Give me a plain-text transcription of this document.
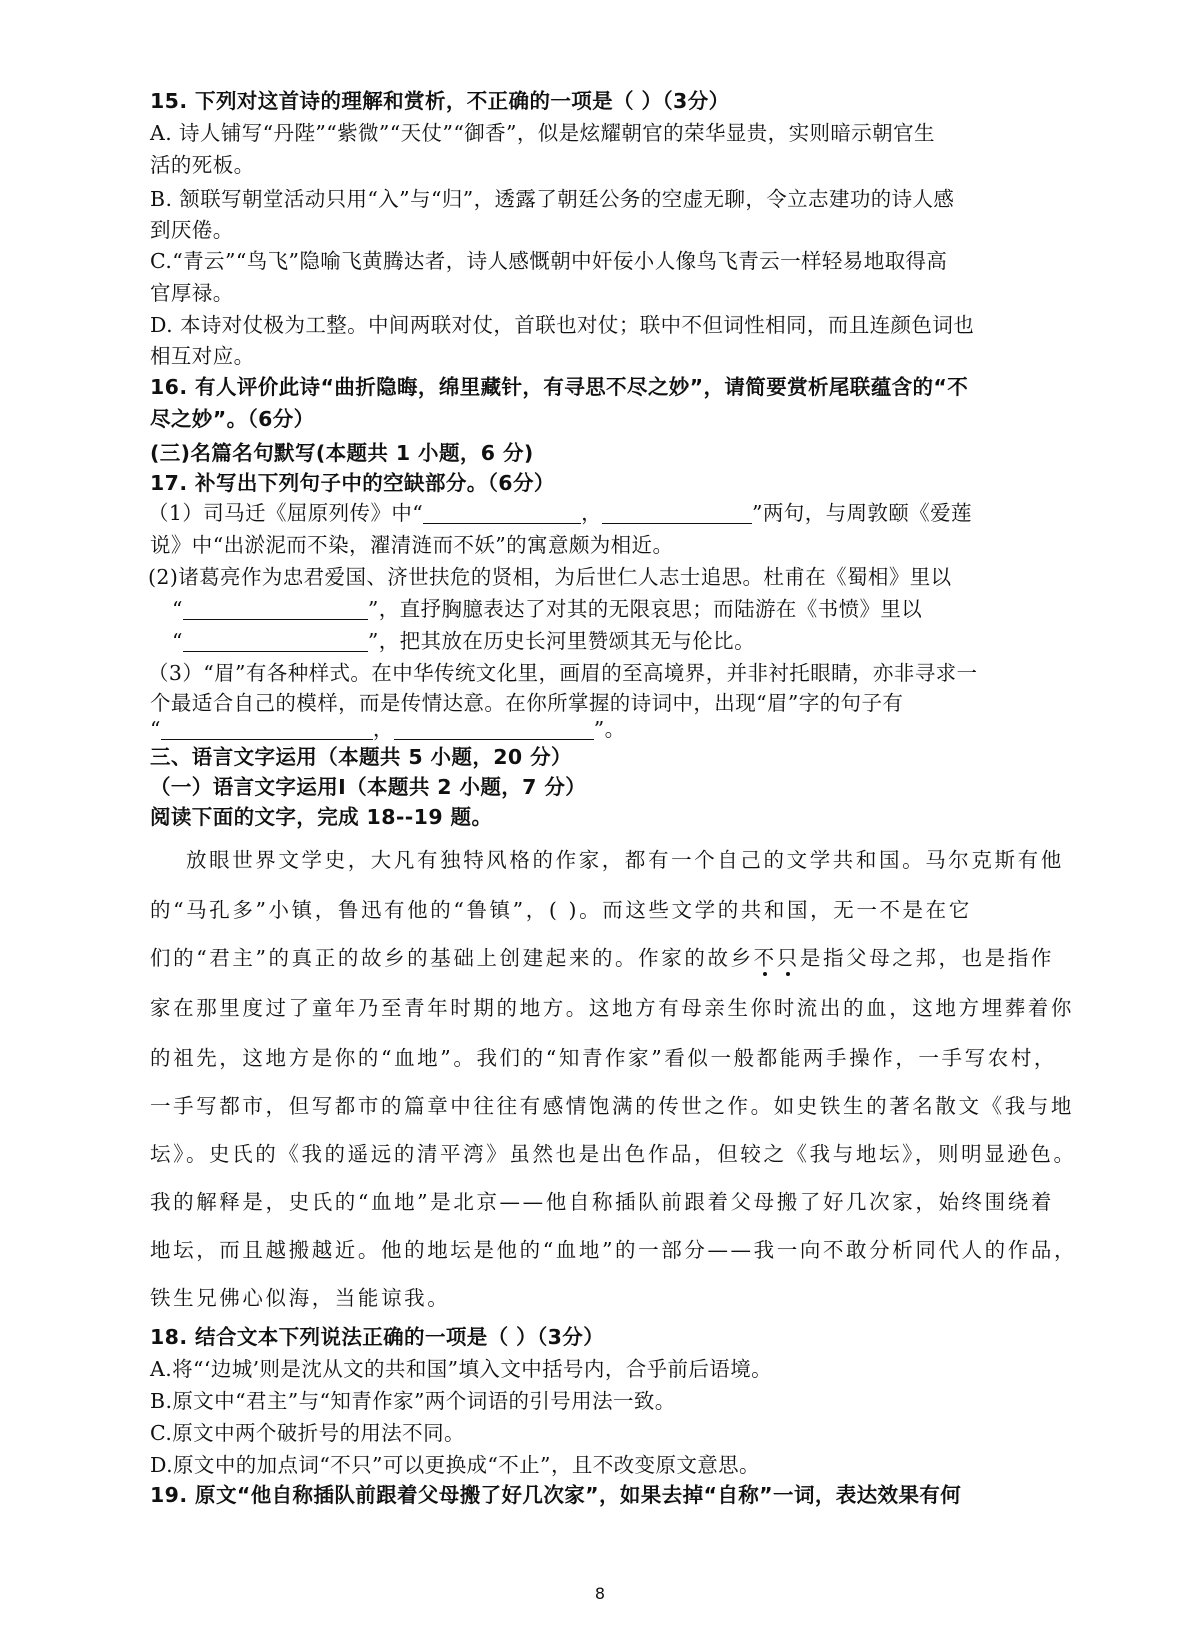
15. 下列对这首诗的理解和赏析，不正确的一项是（ ）（3分）
A. 诗人铺写“丹陛”“紫微”“天仗”“御香”，似是炫耀朝官的荣华显贵，实则暗示朝官生
活的死板。
B. 颔联写朝堂活动只用“入”与“归”，透露了朝廷公务的空虚无聊，令立志建功的诗人感
到厌倦。
C.“青云”“鸟飞”隐喻飞黄腾达者，诗人感慨朝中奸佞小人像鸟飞青云一样轻易地取得高
官厚禄。
D. 本诗对仗极为工整。中间两联对仗，首联也对仗；联中不但词性相同，而且连颜色词也
相互对应。
16. 有人评价此诗“曲折隐晦，绵里藏针，有寻思不尽之妙”，请简要赏析尾联蕴含的“不
尽之妙”。（6分）
(三)名篇名句默写(本题共 1 小题，6 分)
17. 补写出下列句子中的空缺部分。（6分）
（1）司马迁《屈原列传》中“	，	”两句，与周敦颐《爱莲
说》中“出淤泥而不染，濯清涟而不妖”的寓意颇为相近。
(2)诸葛亮作为忠君爱国、济世扶危的贤相，为后世仁人志士追思。杜甫在《蜀相》里以
“	”，直抒胸臆表达了对其的无限哀思；而陆游在《书愤》里以
“	”，把其放在历史长河里赞颂其无与伦比。
（3）“眉”有各种样式。在中华传统文化里，画眉的至高境界，并非衬托眼睛，亦非寻求一
个最适合自己的模样，而是传情达意。在你所掌握的诗词中，出现“眉”字的句子有
“	，	”。
三、语言文字运用（本题共 5 小题，20 分）
（一）语言文字运用Ⅰ（本题共 2 小题，7 分）
阅读下面的文字，完成 18--19 题。
放眼世界文学史，大凡有独特风格的作家，都有一个自己的文学共和国。马尔克斯有他
的“马孔多”小镇，鲁迅有他的“鲁镇”，( )。而这些文学的共和国，无一不是在它
们的“君主”的真正的故乡的基础上创建起来的。作家的故乡不只是指父母之邦，也是指作
家在那里度过了童年乃至青年时期的地方。这地方有母亲生你时流出的血，这地方埋葬着你
的祖先，这地方是你的“血地”。我们的“知青作家”看似一般都能两手操作，一手写农村，
一手写都市，但写都市的篇章中往往有感情饱满的传世之作。如史铁生的著名散文《我与地
坛》。史氏的《我的遥远的清平湾》虽然也是出色作品，但较之《我与地坛》，则明显逊色。
我的解释是，史氏的“血地”是北京——他自称插队前跟着父母搬了好几次家，始终围绕着
地坛，而且越搬越近。他的地坛是他的“血地”的一部分——我一向不敢分析同代人的作品，
铁生兄佛心似海，当能谅我。
18. 结合文本下列说法正确的一项是（ ）（3分）
A.将“‘边城’则是沈从文的共和国”填入文中括号内，合乎前后语境。
B.原文中“君主”与“知青作家”两个词语的引号用法一致。
C.原文中两个破折号的用法不同。
D.原文中的加点词“不只”可以更换成“不止”，且不改变原文意思。
19. 原文“他自称插队前跟着父母搬了好几次家”，如果去掉“自称”一词，表达效果有何
8
